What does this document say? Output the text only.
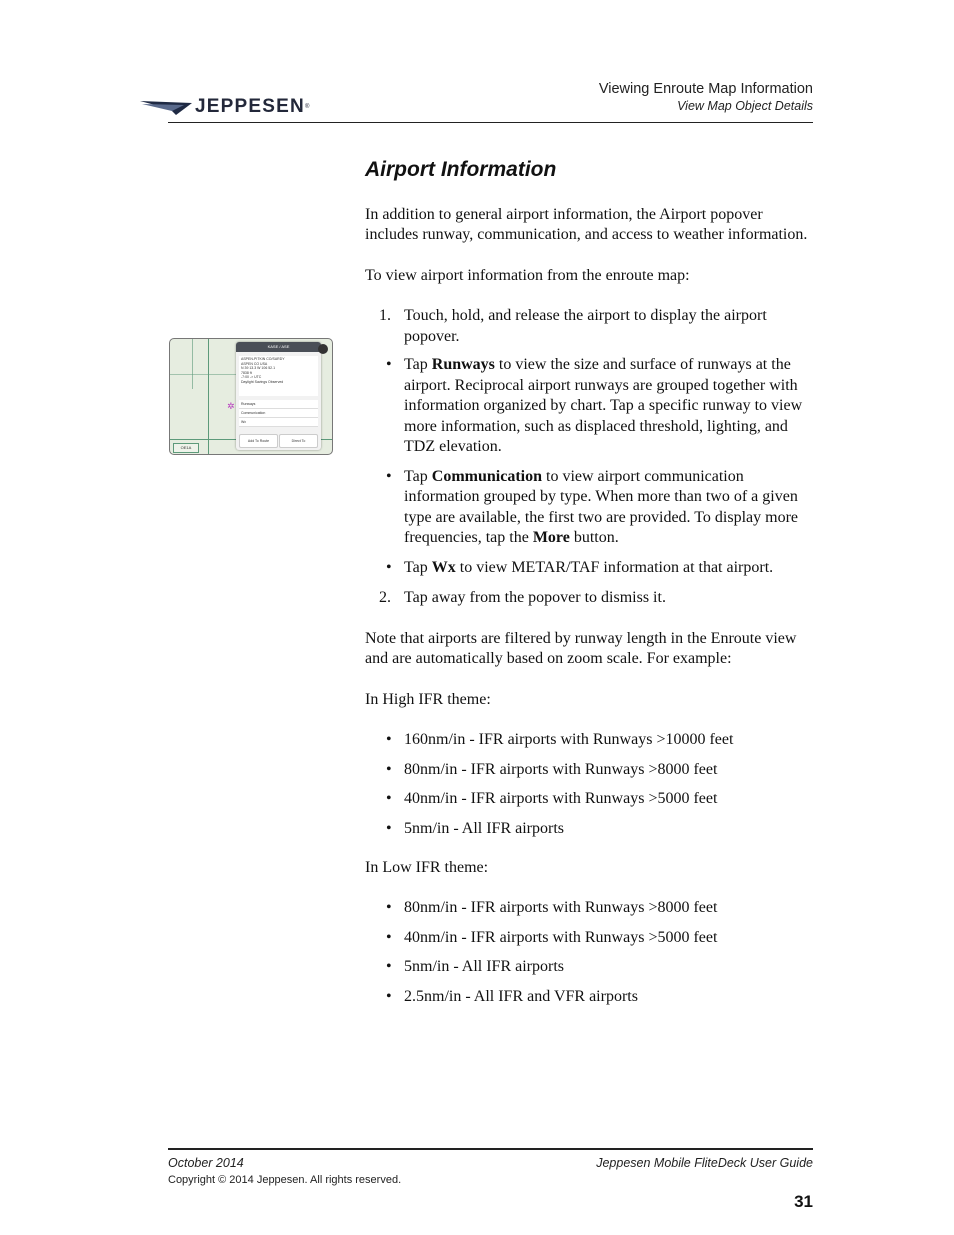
JEPPESEN ®
Viewing Enroute Map Information
View Map Object Details
✲
OE1A
KASE / ASE
ASPEN-PITKIN CO/SARDY
ASPEN CO USA
N 39 13.3 W 106 52.1
7838 ft
-7:00 -> UTC
Daylight Savings Observed
Runways
Communication
Wx
Add To Route	Direct To
Airport Information

In addition to general airport information, the Airport popover includes runway, communication, and access to weather information.

To view airport information from the enroute map:

1. Touch, hold, and release the airport to display the airport popover.
• Tap Runways to view the size and surface of runways at the airport. Reciprocal airport runways are grouped together with information organized by chart. Tap a specific runway to view more information, such as displaced threshold, lighting, and TDZ elevation.
• Tap Communication to view airport communication information grouped by type. When more than two of a given type are available, the first two are provided. To display more frequencies, tap the More button.
• Tap Wx to view METAR/TAF information at that airport.
2. Tap away from the popover to dismiss it.

Note that airports are filtered by runway length in the Enroute view and are automatically based on zoom scale. For example:

In High IFR theme:

• 160nm/in - IFR airports with Runways >10000 feet
• 80nm/in - IFR airports with Runways >8000 feet
• 40nm/in - IFR airports with Runways >5000 feet
• 5nm/in - All IFR airports

In Low IFR theme:

• 80nm/in - IFR airports with Runways >8000 feet
• 40nm/in - IFR airports with Runways >5000 feet
• 5nm/in - All IFR airports
• 2.5nm/in - All IFR and VFR airports
October 2014	Jeppesen Mobile FliteDeck User Guide
Copyright © 2014 Jeppesen. All rights reserved.
31
